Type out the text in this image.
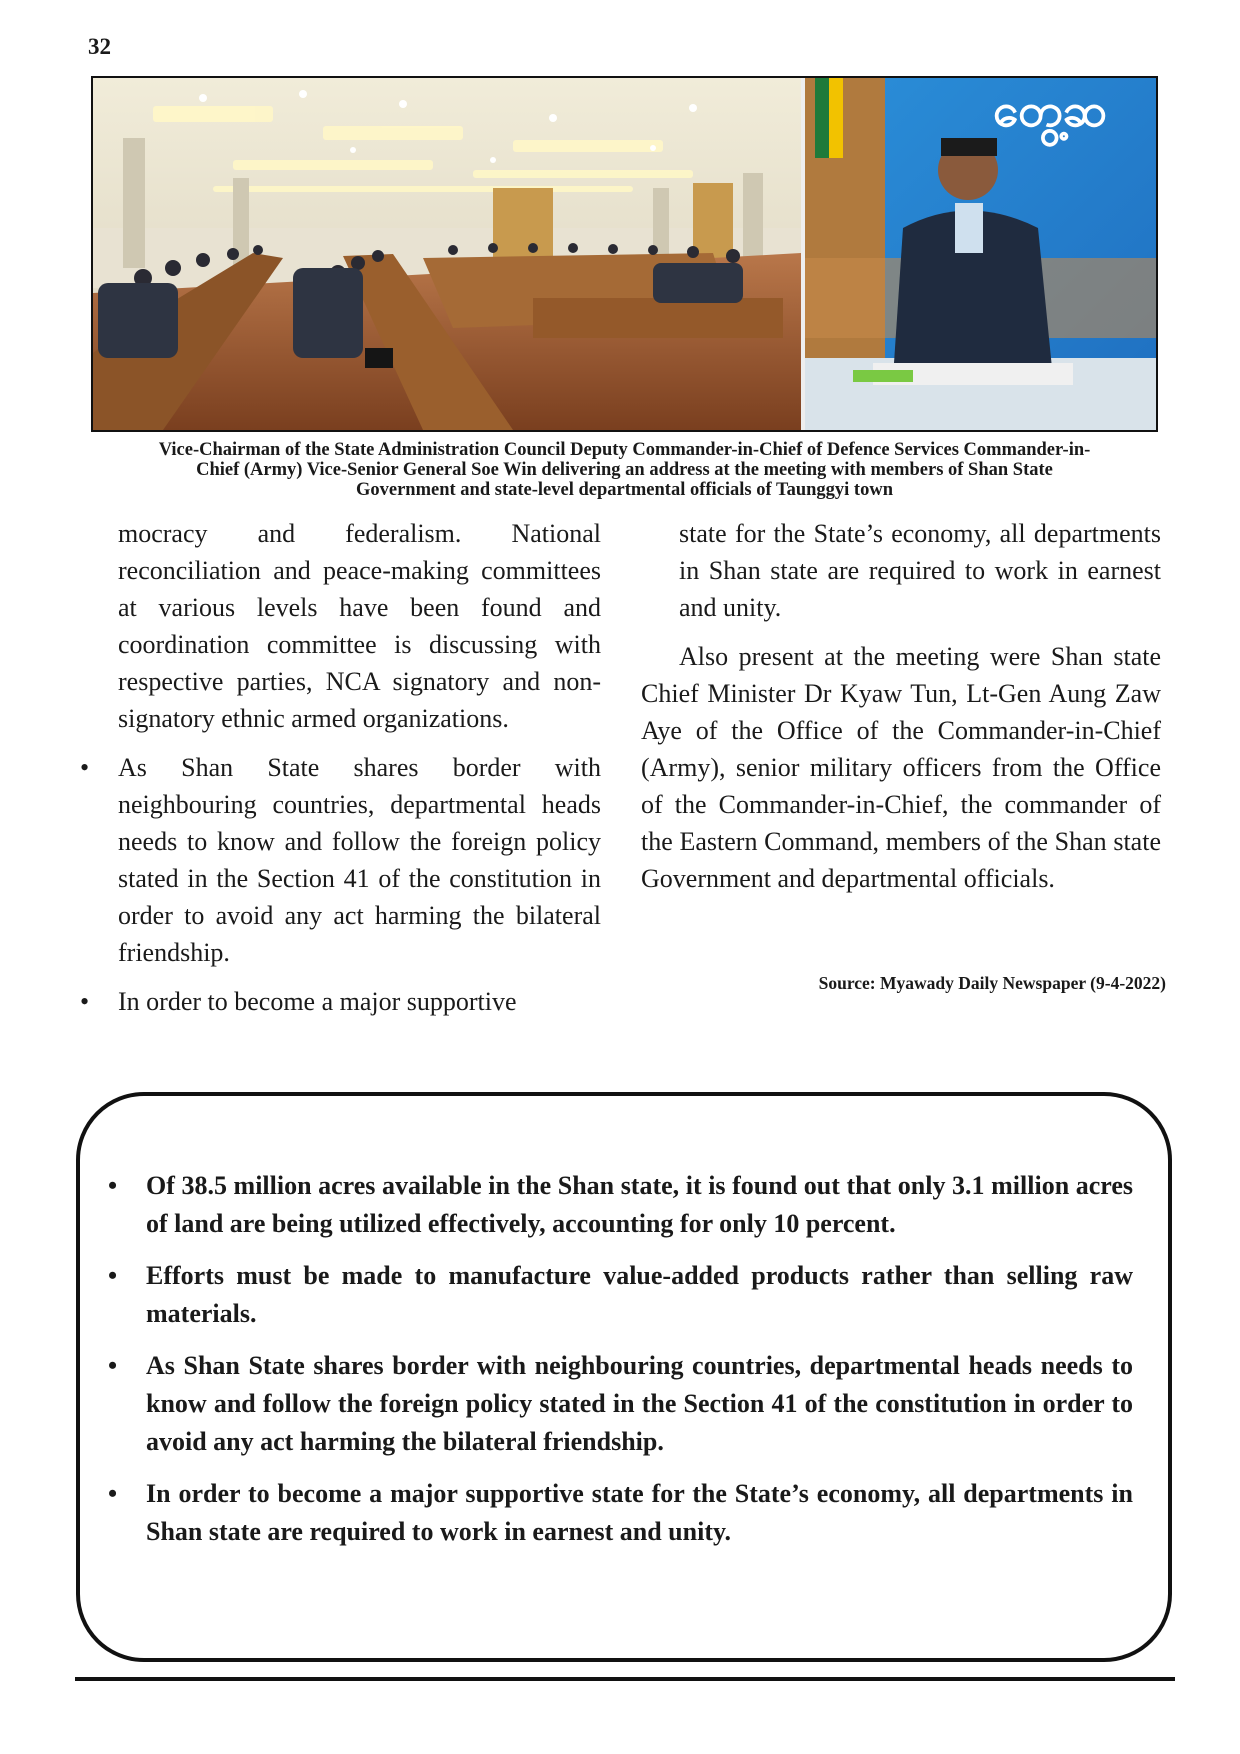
32
တွေ့ဆ
Vice-Chairman of the State Administration Council Deputy Commander-in-Chief of Defence Services Commander-in-
Chief (Army) Vice-Senior General Soe Win delivering an address at the meeting with members of Shan State
Government and state-level departmental officials of Taunggyi town

mocracy and federalism. National reconciliation and peace-making committees at various levels have been found and coordination committee is discussing with respective parties, NCA signatory and non-signatory ethnic armed organizations.

• As Shan State shares border with neighbouring countries, departmental heads needs to know and follow the foreign policy stated in the Section 41 of the constitution in order to avoid any act harming the bilateral friendship.

• In order to become a major supportive

state for the State’s economy, all departments in Shan state are required to work in earnest and unity.

Also present at the meeting were Shan state Chief Minister Dr Kyaw Tun, Lt-Gen Aung Zaw Aye of the Office of the Commander-in-Chief (Army), senior military officers from the Office of the Commander-in-Chief, the commander of the Eastern Command, members of the Shan state Government and departmental officials.

Source: Myawady Daily Newspaper (9-4-2022)
• Of 38.5 million acres available in the Shan state, it is found out that only 3.1 million acres of land are being utilized effectively, accounting for only 10 percent.
• Efforts must be made to manufacture value-added products rather than selling raw materials.
• As Shan State shares border with neighbouring countries, departmental heads needs to know and follow the foreign policy stated in the Section 41 of the constitution in order to avoid any act harming the bilateral friendship.
• In order to become a major supportive state for the State’s economy, all departments in Shan state are required to work in earnest and unity.
